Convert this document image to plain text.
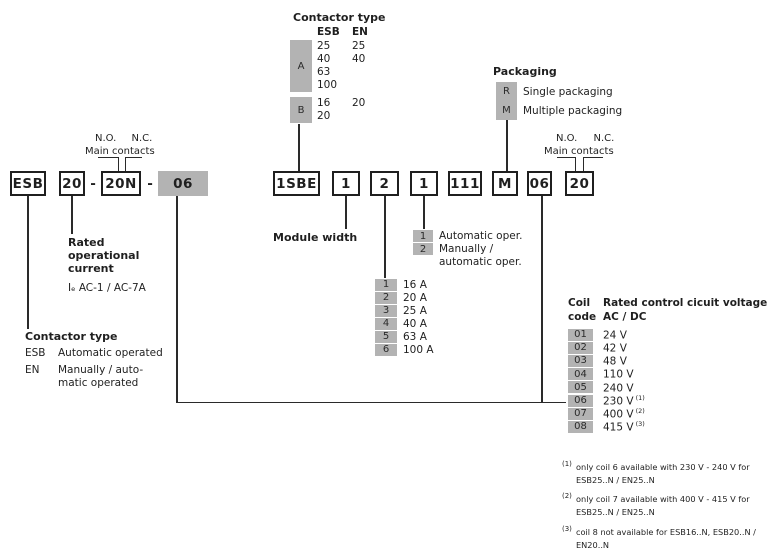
Contactor type
ESB	EN
A
25	25
40	40
63
100
B
16	20
20
Packaging
R	Single packaging
M	Multiple packaging
N.O. N.C.
Main contacts
N.O. N.C.
Main contacts
ESB 20 - 20N -	06	1SBE	1	2	1	111	M	06	20
Module width	1	Automatic oper.
2	Manually / automatic oper.
1	16 A
2	20 A
3	25 A
4	40 A
5	63 A
6	100 A
Rated operational current
Iₑ AC-1 / AC-7A
Contactor type
ESB	Automatic operated
EN	Manually / auto-matic operated
Coil code
Rated control cicuit voltage
AC / DC
01	24 V
02	42 V
03	48 V
04	110 V
05	240 V
06	230 V $^{(1)}$
07	400 V $^{(2)}$
08	415 V $^{(3)}$
(1) only coil 6 available with 230 V - 240 V for ESB25..N / EN25..N
(2) only coil 7 available with 400 V - 415 V for ESB25..N / EN25..N
(3) coil 8 not available for ESB16..N, ESB20..N / EN20..N
